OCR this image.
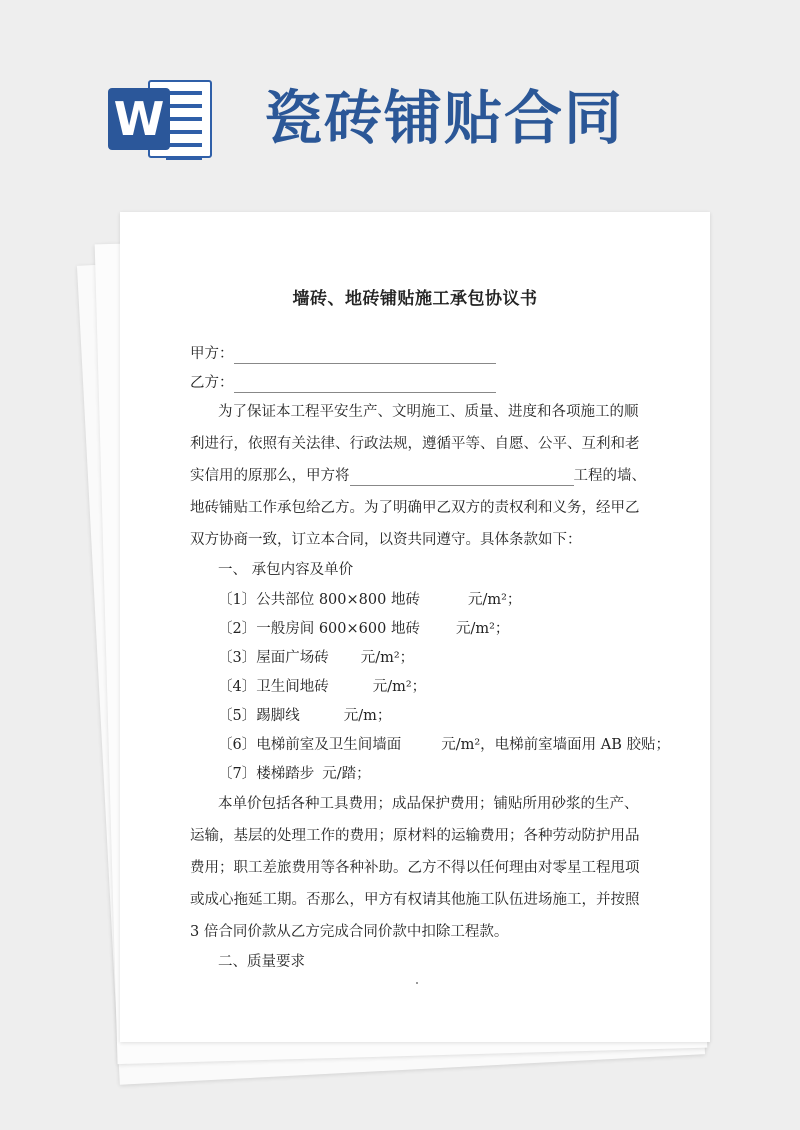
W 瓷砖铺贴合同
墙砖、地砖铺贴施工承包协议书
甲方：
乙方：
为了保证本工程平安生产、文明施工、质量、进度和各项施工的顺
利进行，依照有关法律、行政法规，遵循平等、自愿、公平、互利和老
实信用的原那么，甲方将	工程的墙、
地砖铺贴工作承包给乙方。为了明确甲乙双方的责权利和义务，经甲乙
双方协商一致，订立本合同，以资共同遵守。具体条款如下：
一、 承包内容及单价
〔1〕公共部位 800×800 地砖	元/m²；
〔2〕一般房间 600×600 地砖 元/m²；
〔3〕屋面广场砖 元/m²；
〔4〕卫生间地砖	元/m²；
〔5〕踢脚线	元/m；
〔6〕电梯前室及卫生间墙面	元/m²，电梯前室墙面用 AB 胶贴；
〔7〕楼梯踏步 元/踏；
本单价包括各种工具费用；成品保护费用；铺贴所用砂浆的生产、
运输，基层的处理工作的费用；原材料的运输费用；各种劳动防护用品
费用；职工差旅费用等各种补助。乙方不得以任何理由对零星工程甩项
或成心拖延工期。否那么，甲方有权请其他施工队伍进场施工，并按照
3 倍合同价款从乙方完成合同价款中扣除工程款。
二、质量要求
